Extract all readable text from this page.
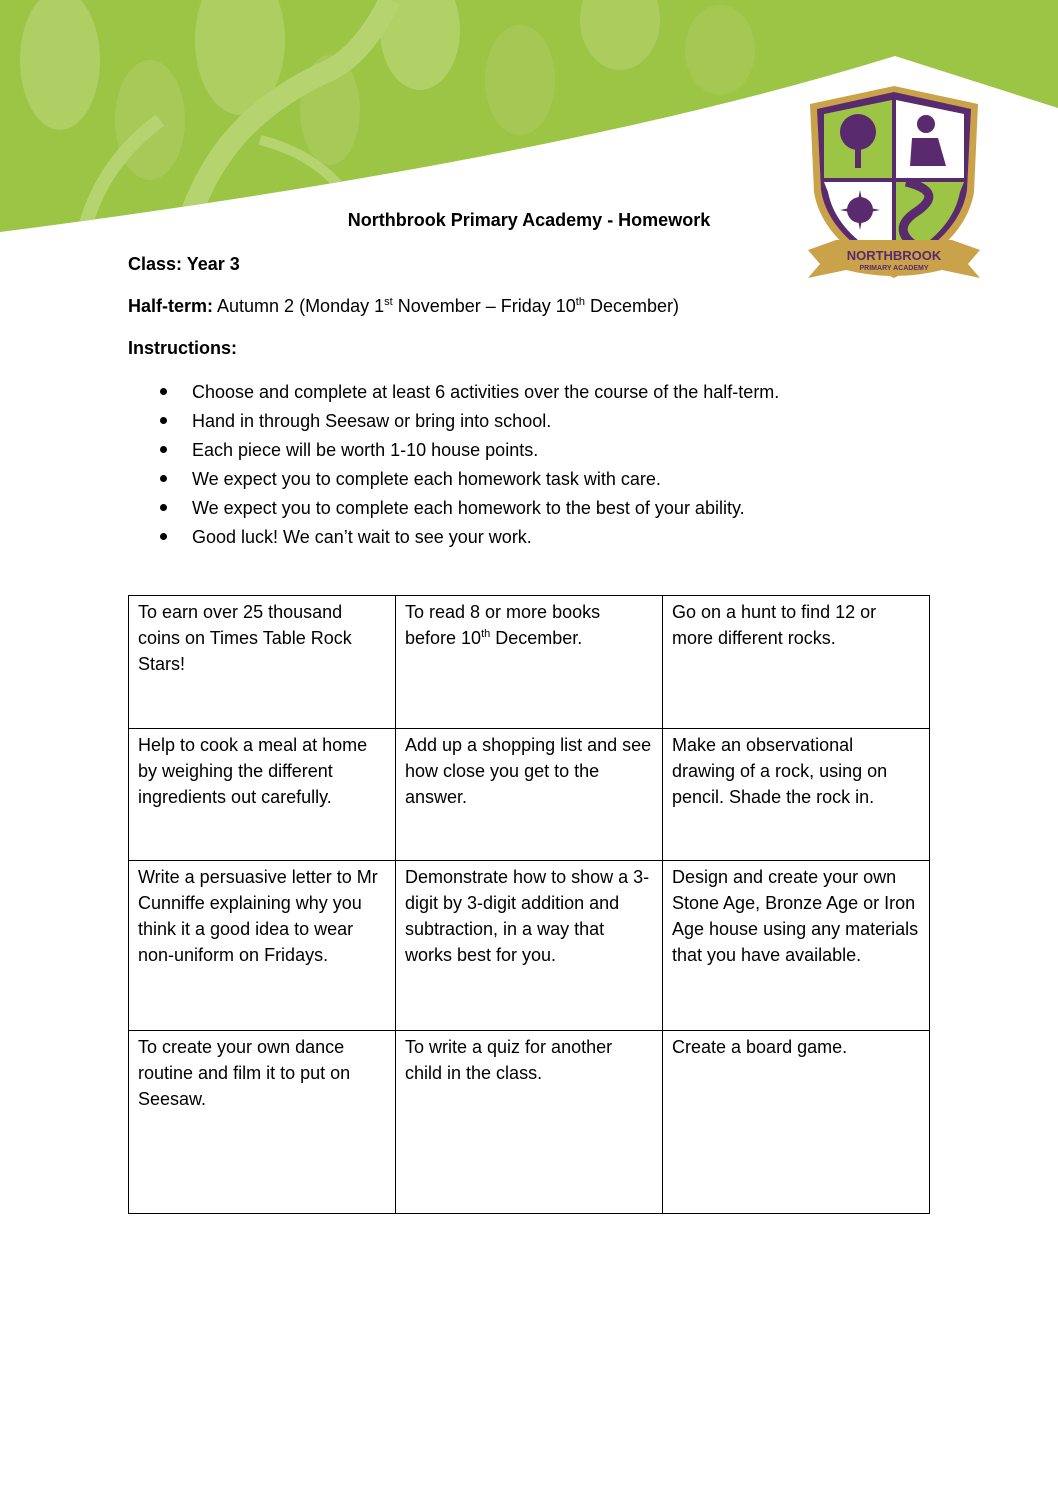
NORTHBROOK
PRIMARY ACADEMY
Northbrook Primary Academy - Homework
Class: Year 3
Half-term: Autumn 2 (Monday 1st November – Friday 10th December)
Instructions:
Choose and complete at least 6 activities over the course of the half-term.
Hand in through Seesaw or bring into school.
Each piece will be worth 1-10 house points.
We expect you to complete each homework task with care.
We expect you to complete each homework to the best of your ability.
Good luck! We can’t wait to see your work.
To earn over 25 thousand coins on Times Table Rock Stars!	To read 8 or more books before 10th December.	Go on a hunt to find 12 or more different rocks.
Help to cook a meal at home by weighing the different ingredients out carefully.	Add up a shopping list and see how close you get to the answer.	Make an observational drawing of a rock, using on pencil. Shade the rock in.
Write a persuasive letter to Mr Cunniffe explaining why you think it a good idea to wear non-uniform on Fridays.	Demonstrate how to show a 3-digit by 3-digit addition and subtraction, in a way that works best for you.	Design and create your own Stone Age, Bronze Age or Iron Age house using any materials that you have available.
To create your own dance routine and film it to put on Seesaw.	To write a quiz for another child in the class.	Create a board game.
